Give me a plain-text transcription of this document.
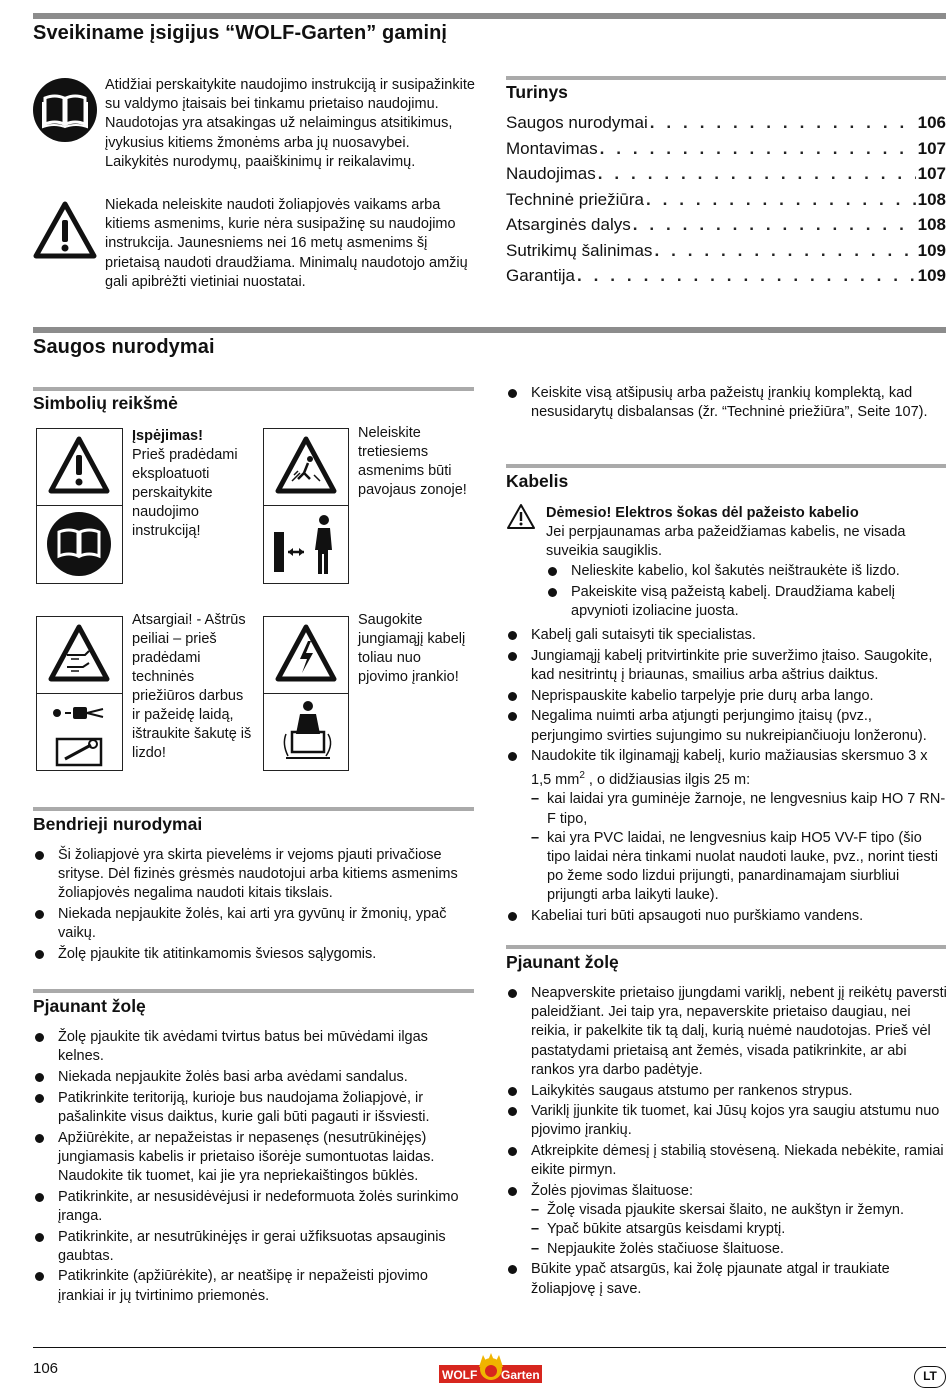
Sveikiname įsigijus “WOLF-Garten” gaminį
Atidžiai perskaitykite naudojimo instrukciją ir susipažinkite su valdymo įtaisais bei tinkamu prietaiso naudojimu. Naudotojas yra atsakingas už nelaimingus atsitikimus, įvykusius kitiems žmonėms arba jų nuosavybei. Laikykitės nurodymų, paaiškinimų ir reikalavimų.
Niekada neleiskite naudoti žoliapjovės vaikams arba kitiems asmenims, kurie nėra susipažinę su naudojimo instrukcija. Jaunesniems nei 16 metų asmenims šį prietaisą naudoti draudžiama. Minimalų naudotojo amžių gali apibrėžti vietiniai nuostatai.
Turinys
Saugos nurodymai . . .	106
Montavimas . . .	107
Naudojimas . . .	107
Techninė priežiūra . . .	108
Atsarginės dalys . . .	108
Sutrikimų šalinimas . . .	109
Garantija . . .	109
Saugos nurodymai
Simbolių reikšmė
Įspėjimas!
Prieš pradėdami eksploatuoti perskaitykite naudojimo instrukciją!
Neleiskite tretiesiems asmenims būti pavojaus zonoje!
Atsargiai! - Aštrūs peiliai – prieš pradėdami techninės priežiūros darbus ir pažeidę laidą, ištraukite šakutę iš lizdo!
Saugokite jungiamąjį kabelį toliau nuo pjovimo įrankio!
Bendrieji nurodymai
Ši žoliapjovė yra skirta pievelėms ir vejoms pjauti privačiose srityse. Dėl fizinės grėsmės naudotojui arba kitiems asmenims žoliapjovės negalima naudoti kitais tikslais.
Niekada nepjaukite žolės, kai arti yra gyvūnų ir žmonių, ypač vaikų.
Žolę pjaukite tik atitinkamomis šviesos sąlygomis.
Pjaunant žolę
Žolę pjaukite tik avėdami tvirtus batus bei mūvėdami ilgas kelnes.
Niekada nepjaukite žolės basi arba avėdami sandalus.
Patikrinkite teritoriją, kurioje bus naudojama žoliapjovė, ir pašalinkite visus daiktus, kurie gali būti pagauti ir išsviesti.
Apžiūrėkite, ar nepažeistas ir nepasenęs (nesutrūkinėjęs) jungiamasis kabelis ir prietaiso išorėje sumontuotas laidas. Naudokite tik tuomet, kai jie yra nepriekaištingos būklės.
Patikrinkite, ar nesusidėvėjusi ir nedeformuota žolės surinkimo įranga.
Patikrinkite, ar nesutrūkinėjęs ir gerai užfiksuotas apsauginis gaubtas.
Patikrinkite (apžiūrėkite), ar neatšipę ir nepažeisti pjovimo įrankiai ir jų tvirtinimo priemonės.
Keiskite visą atšipusių arba pažeistų įrankių komplektą, kad nesusidarytų disbalansas (žr. “Techninė priežiūra”, Seite 107).
Kabelis
Dėmesio! Elektros šokas dėl pažeisto kabelio
Jei perpjaunamas arba pažeidžiamas kabelis, ne visada suveikia saugiklis.
Nelieskite kabelio, kol šakutės neištraukėte iš lizdo.
Pakeiskite visą pažeistą kabelį. Draudžiama kabelį apvynioti izoliacine juosta.
Kabelį gali sutaisyti tik specialistas.
Jungiamąjį kabelį pritvirtinkite prie suveržimo įtaiso. Saugokite, kad nesitrintų į briaunas, smailius arba aštrius daiktus.
Neprispauskite kabelio tarpelyje prie durų arba lango.
Negalima nuimti arba atjungti perjungimo įtaisų (pvz., perjungimo svirties sujungimo su nukreipiančiuoju lonžeronu).
Naudokite tik ilginamąjį kabelį, kurio mažiausias skersmuo 3 x 1,5 $mm^2$ , o didžiausias ilgis 25 m:
– kai laidai yra guminėje žarnoje, ne lengvesnius kaip HO 7 RN-F tipo,
– kai yra PVC laidai, ne lengvesnius kaip HO5 VV-F tipo (šio tipo laidai nėra tinkami nuolat naudoti lauke, pvz., norint tiesti po žeme sodo lizdui prijungti, panardinamajam siurbliui prijungti arba laikyti lauke).
Kabeliai turi būti apsaugoti nuo purškiamo vandens.
Pjaunant žolę
Neapverskite prietaiso įjungdami variklį, nebent jį reikėtų paversti paleidžiant. Jei taip yra, nepaverskite prietaiso daugiau, nei reikia, ir pakelkite tik tą dalį, kurią nuėmė naudotojas. Prieš vėl pastatydami prietaisą ant žemės, visada patikrinkite, ar abi rankos yra darbo padėtyje.
Laikykitės saugaus atstumo per rankenos strypus.
Variklį įjunkite tik tuomet, kai Jūsų kojos yra saugiu atstumu nuo pjovimo įrankių.
Atkreipkite dėmesį į stabilią stovėseną. Niekada nebėkite, ramiai eikite pirmyn.
Žolės pjovimas šlaituose:
– Žolę visada pjaukite skersai šlaito, ne aukštyn ir žemyn.
– Ypač būkite atsargūs keisdami kryptį.
– Nepjaukite žolės stačiuose šlaituose.
Būkite ypač atsargūs, kai žolę pjaunate atgal ir traukiate žoliapjovę į save.
106	WOLF Garten	LT
